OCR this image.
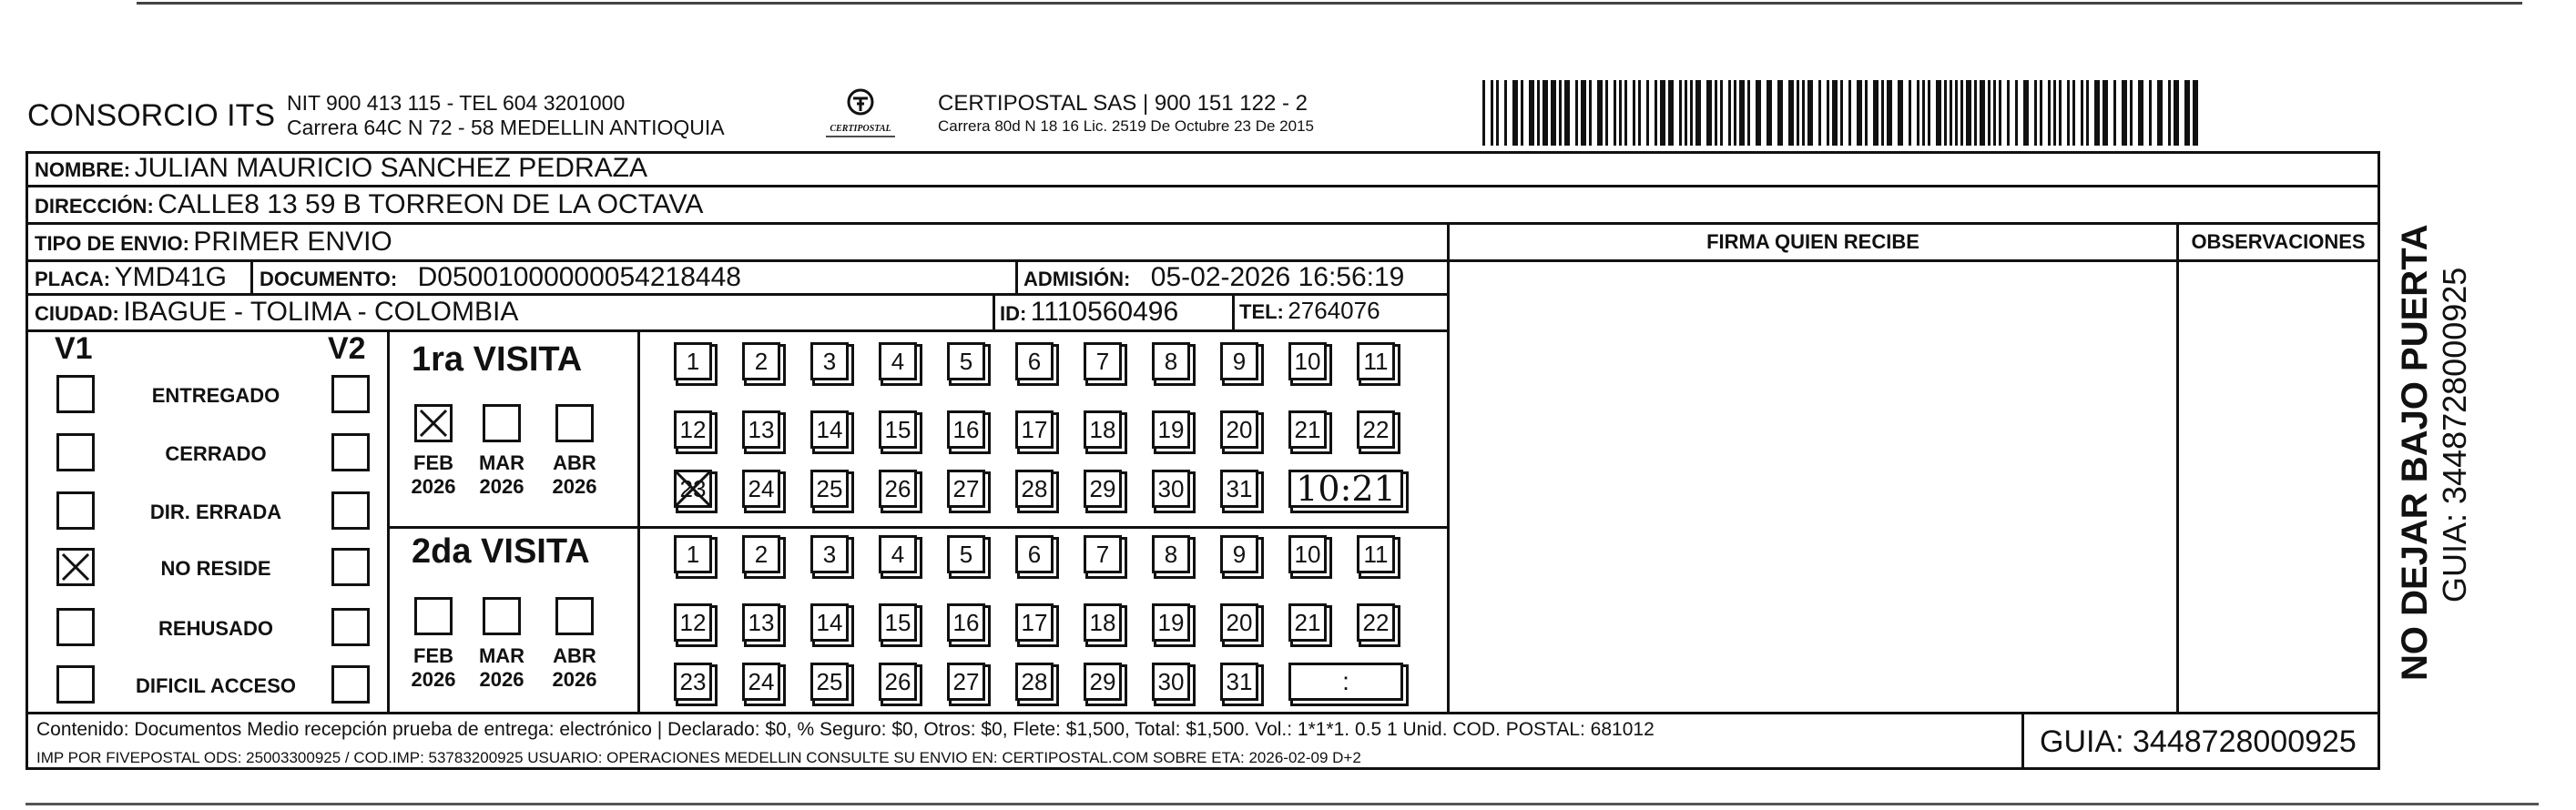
CONSORCIO ITS NIT 900 413 115 - TEL 604 3201000
Carrera 64C N 72 - 58 MEDELLIN ANTIOQUIA	CERTIPOSTAL
CERTIPOSTAL SAS | 900 151 122 - 2
Carrera 80d N 18 16 Lic. 2519 De Octubre 23 De 2015
NOMBRE: JULIAN MAURICIO SANCHEZ PEDRAZA
DIRECCIÓN: CALLE8 13 59 B TORREON DE LA OCTAVA
TIPO DE ENVIO: PRIMER ENVIO
PLACA: YMD41G DOCUMENTO: D05001000000054218448	ADMISIÓN: 05-02-2026 16:56:19
CIUDAD: IBAGUE - TOLIMA - COLOMBIA	ID: 1110560496	TEL: 2764076
FIRMA QUIEN RECIBE	OBSERVACIONES
V1	V2
ENTREGADO
CERRADO
DIR. ERRADA
NO RESIDE
REHUSADO
DIFICIL ACCESO
1ra VISITA
2da VISITA
FEB
2026
MAR
2026
ABR
2026
1 2 3 4 5 6 7 8 9 10 11
12 13 14 15 16 17 18 19 20 21 22
23 24 25 26 27 28 29 30 31 10:21
FEB
2026
MAR
2026
ABR
2026
1 2 3 4 5 6 7 8 9 10 11
12 13 14 15 16 17 18 19 20 21 22
23 24 25 26 27 28 29 30 31	:
Contenido: Documentos Medio recepción prueba de entrega: electrónico | Declarado: $0, % Seguro: $0, Otros: $0, Flete: $1,500, Total: $1,500. Vol.: 1*1*1. 0.5 1 Unid. COD. POSTAL: 681012
IMP POR FIVEPOSTAL ODS: 25003300925 / COD.IMP: 53783200925 USUARIO: OPERACIONES MEDELLIN CONSULTE SU ENVIO EN: CERTIPOSTAL.COM SOBRE ETA: 2026-02-09 D+2	GUIA: 3448728000925
NO DEJAR BAJO PUERTA GUIA: 3448728000925
